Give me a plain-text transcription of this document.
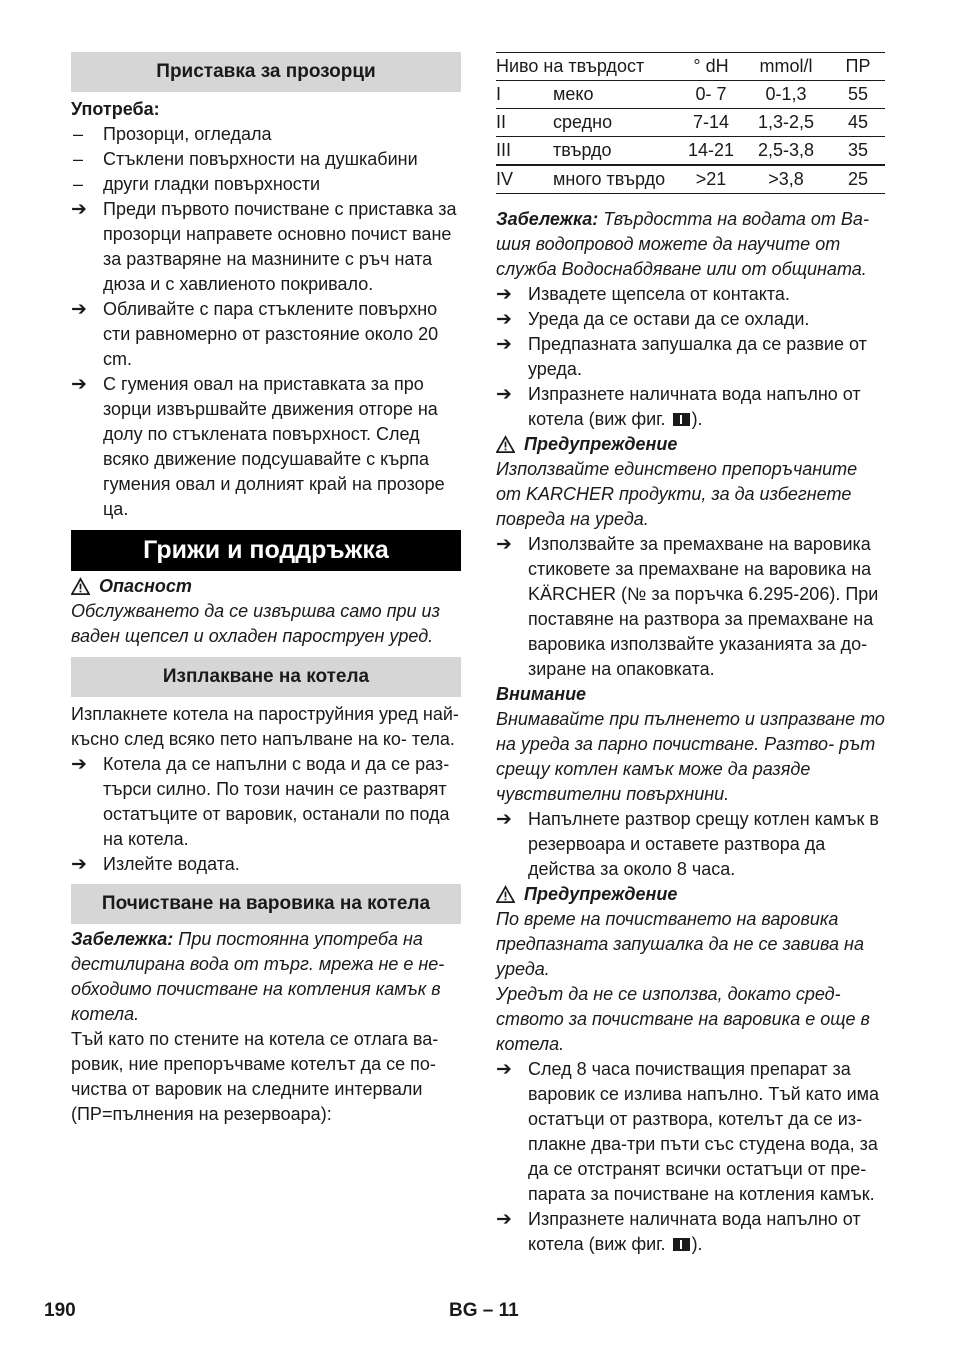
Приставка за прозорци

Употреба:

–	Прозорци, огледала
–	Стъклени повърхности на душкабини
–	други гладки повърхности
➔ Преди първото почистване с приставка за прозорци направете основно почист ване за разтваряне на мазнините с ръч ната дюза и с хавлиеното покривало.
➔ Обливайте с пара стъклените повърхно сти равномерно от разстояние около 20 cm.
➔ С гумения овал на приставката за про зорци извършвайте движения отгоре на долу по стъклената повърхност. След всяко движение подсушавайте с кърпа гумения овал и долният край на прозоре ца.
Грижи и поддръжка
Опасност

Обслужването да се извършва само при из ваден щепсел и охладен пароструен уред.

Изплакване на котела

Изплакнете котела на пароструйния уред най-късно след всяко пето напълване на ко- тела.

➔ Котела да се напълни с вода и да се раз- търси силно. По този начин се разтварят остатъците от варовик, останали по пода на котела.
➔ Излейте водата.
Почистване на варовика на котела

Забележка: При постоянна употреба на дестилирана вода от търг. мрежа не е не- обходимо почистване на котления камък в котела.

Тъй като по стените на котела се отлага ва- ровик, ние препоръчваме котелът да се по- чиства от варовик на следните интервали (ПР=пълнения на резервоара):

Ниво на твърдост		° dH	mmol/l	ПР
I	меко	0- 7	0-1,3	55
II	средно	7-14	1,3-2,5	45
III	твърдо	14-21	2,5-3,8	35
IV	много твърдо	>21	>3,8	25

Забележка: Твърдостта на водата от Ва- шия водопровод можете да научите от служба Водоснабдяване или от общината.

➔ Извадете щепсела от контакта.
➔ Уреда да се остави да се охлади.
➔ Предпазната запушалка да се развие от уреда.
➔ Изпразнете наличната вода напълно от котела (виж фиг. ).
Предупреждение

Използвайте единствено препоръчаните от KARCHER продукти, за да избегнете повреда на уреда.

➔ Използвайте за премахване на варовика стиковете за премахване на варовика на KÄRCHER (№ за поръчка 6.295-206). При поставяне на разтвора за премахване на варовика използвайте указанията за до- зиране на опаковката.

Внимание

Внимавайте при пълненето и изпразване то на уреда за парно почистване. Разтво- рът срещу котлен камък може да разяде чувствителни повърхнини.

➔ Напълнете разтвор срещу котлен камък в резервоара и оставете разтвора да действа за около 8 часа.
Предупреждение

По време на почистването на варовика предпазната запушалка да не се завива на уреда.

Уредът да не се използва, докато сред- ството за почистване на варовика е още в котела.

➔ След 8 часа почистващия препарат за варовик се излива напълно. Тъй като има остатъци от разтвора, котелът да се из- плакне два-три пъти със студена вода, за да се отстранят всички остатъци от пре- парата за почистване на котления камък.
➔ Изпразнете наличната вода напълно от котела (виж фиг. ).
190	BG – 11
